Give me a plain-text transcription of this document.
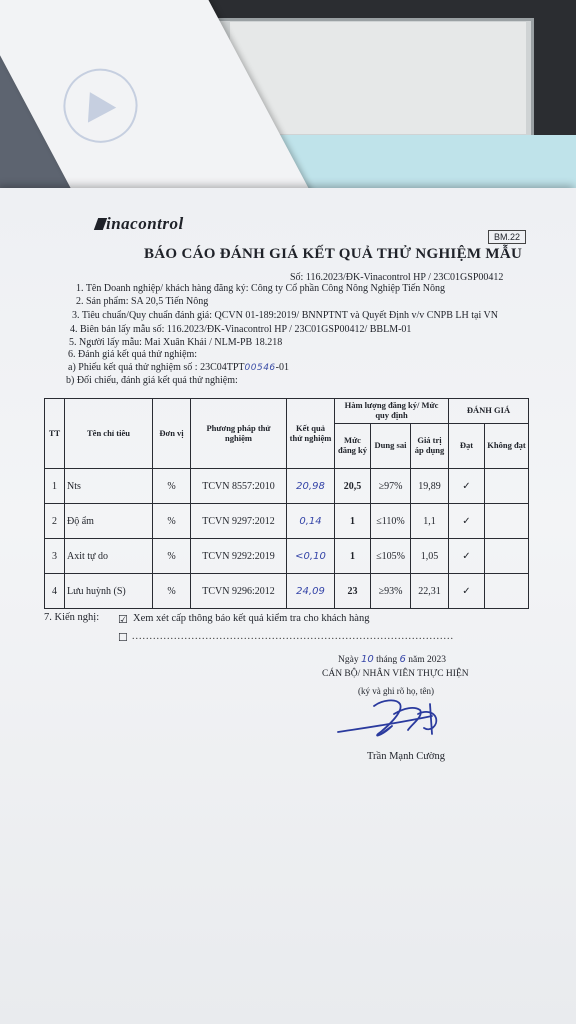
inacontrol
BM.22
BÁO CÁO ĐÁNH GIÁ KẾT QUẢ THỬ NGHIỆM MẪU
Số: 116.2023/ĐK-Vinacontrol HP / 23C01GSP00412
1. Tên Doanh nghiệp/ khách hàng đăng ký: Công ty Cổ phần Công Nông Nghiệp Tiến Nông
2. Sản phẩm: SA 20,5 Tiến Nông
3. Tiêu chuẩn/Quy chuẩn đánh giá: QCVN 01-189:2019/ BNNPTNT và Quyết Định v/v CNPB LH tại VN
4. Biên bản lấy mẫu số: 116.2023/ĐK-Vinacontrol HP / 23C01GSP00412/ BBLM-01
5. Người lấy mẫu: Mai Xuân Khải / NLM-PB 18.218
6. Đánh giá kết quả thử nghiệm:
a) Phiếu kết quả thử nghiệm số : 23C04TPT00546-01
b) Đối chiếu, đánh giá kết quả thử nghiệm:
TT	Tên chỉ tiêu	Đơn vị	Phương pháp thử nghiệm	Kết quả thử nghiệm	Hàm lượng đăng ký/ Mức quy định			ĐÁNH GIÁ	
					Mức đăng ký	Dung sai	Giá trị áp dụng	Đạt	Không đạt
1	Nts	%	TCVN 8557:2010	20,98	20,5	≥97%	19,89	✓	
2	Độ ẩm	%	TCVN 9297:2012	0,14	1	≤110%	1,1	✓	
3	Axit tự do	%	TCVN 9292:2019	<0,10	1	≤105%	1,05	✓	
4	Lưu huỳnh (S)	%	TCVN 9296:2012	24,09	23	≥93%	22,31	✓	
7. Kiến nghị: ☑ Xem xét cấp thông báo kết quả kiểm tra cho khách hàng
☐ ............................................................................................
Ngày 10 tháng 6 năm 2023
CÁN BỘ/ NHÂN VIÊN THỰC HIỆN
(ký và ghi rõ họ, tên)
Trần Mạnh Cường
